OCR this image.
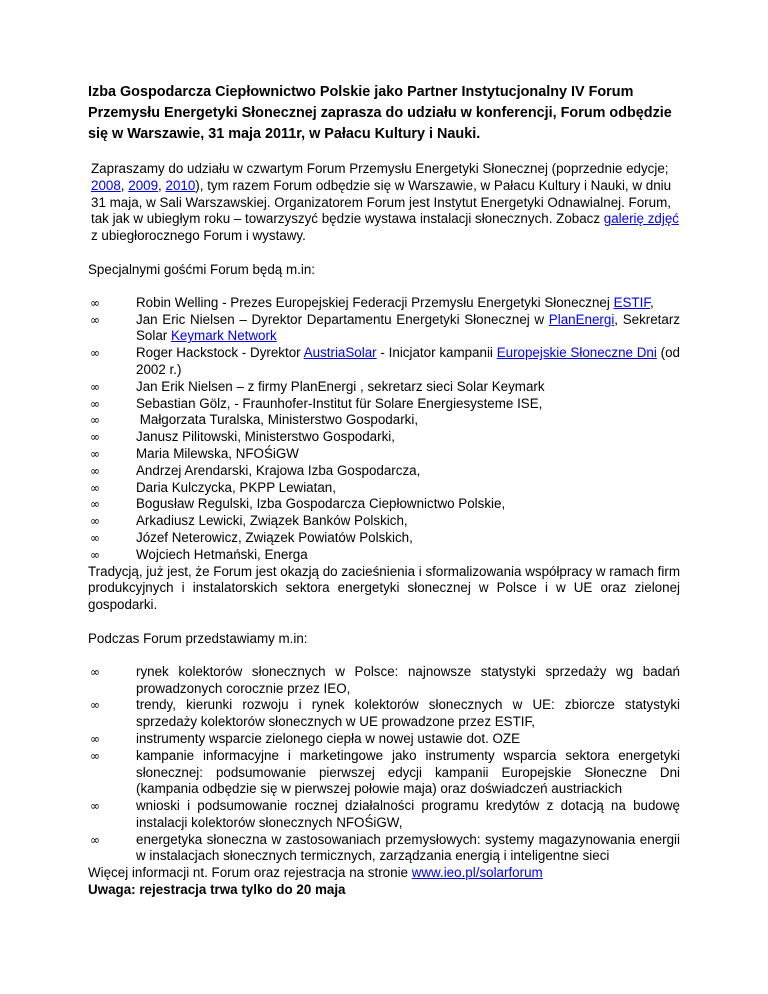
Izba Gospodarcza Ciepłownictwo Polskie jako Partner Instytucjonalny IV Forum Przemysłu Energetyki Słonecznej zaprasza do udziału w konferencji, Forum odbędzie się w Warszawie, 31 maja 2011r, w Pałacu Kultury i Nauki.

Zapraszamy do udziału w czwartym Forum Przemysłu Energetyki Słonecznej (poprzednie edycje; 2008, 2009, 2010), tym razem Forum odbędzie się w Warszawie, w Pałacu Kultury i Nauki, w dniu 31 maja, w Sali Warszawskiej. Organizatorem Forum jest Instytut Energetyki Odnawialnej. Forum, tak jak w ubiegłym roku – towarzyszyć będzie wystawa instalacji słonecznych. Zobacz galerię zdjęć z ubiegłorocznego Forum i wystawy.

Specjalnymi gośćmi Forum będą m.in:

∞	Robin Welling - Prezes Europejskiej Federacji Przemysłu Energetyki Słonecznej ESTIF,
∞	Jan Eric Nielsen – Dyrektor Departamentu Energetyki Słonecznej w PlanEnergi, Sekretarz Solar Keymark Network
∞	Roger Hackstock - Dyrektor AustriaSolar - Inicjator kampanii Europejskie Słoneczne Dni (od 2002 r.)
∞	Jan Erik Nielsen – z firmy PlanEnergi , sekretarz sieci Solar Keymark
∞	Sebastian Gölz, - Fraunhofer-Institut für Solare Energiesysteme ISE,
∞	Małgorzata Turalska, Ministerstwo Gospodarki,
∞	Janusz Pilitowski, Ministerstwo Gospodarki,
∞	Maria Milewska, NFOŚiGW
∞	Andrzej Arendarski, Krajowa Izba Gospodarcza,
∞	Daria Kulczycka, PKPP Lewiatan,
∞	Bogusław Regulski, Izba Gospodarcza Ciepłownictwo Polskie,
∞	Arkadiusz Lewicki, Związek Banków Polskich,
∞	Józef Neterowicz, Związek Powiatów Polskich,
∞	Wojciech Hetmański, Energa

Tradycją, już jest, że Forum jest okazją do zacieśnienia i sformalizowania współpracy w ramach firm produkcyjnych i instalatorskich sektora energetyki słonecznej w Polsce i w UE oraz zielonej gospodarki.

Podczas Forum przedstawiamy m.in:

∞	rynek kolektorów słonecznych w Polsce: najnowsze statystyki sprzedaży wg badań prowadzonych corocznie przez IEO,
∞	trendy, kierunki rozwoju i rynek kolektorów słonecznych w UE: zbiorcze statystyki sprzedaży kolektorów słonecznych w UE prowadzone przez ESTIF,
∞	instrumenty wsparcie zielonego ciepła w nowej ustawie dot. OZE
∞	kampanie informacyjne i marketingowe jako instrumenty wsparcia sektora energetyki słonecznej: podsumowanie pierwszej edycji kampanii Europejskie Słoneczne Dni (kampania odbędzie się w pierwszej połowie maja) oraz doświadczeń austriackich
∞	wnioski i podsumowanie rocznej działalności programu kredytów z dotacją na budowę instalacji kolektorów słonecznych NFOŚiGW,
∞	energetyka słoneczna w zastosowaniach przemysłowych: systemy magazynowania energii w instalacjach słonecznych termicznych, zarządzania energią i inteligentne sieci

Więcej informacji nt. Forum oraz rejestracja na stronie www.ieo.pl/solarforum

Uwaga: rejestracja trwa tylko do 20 maja
